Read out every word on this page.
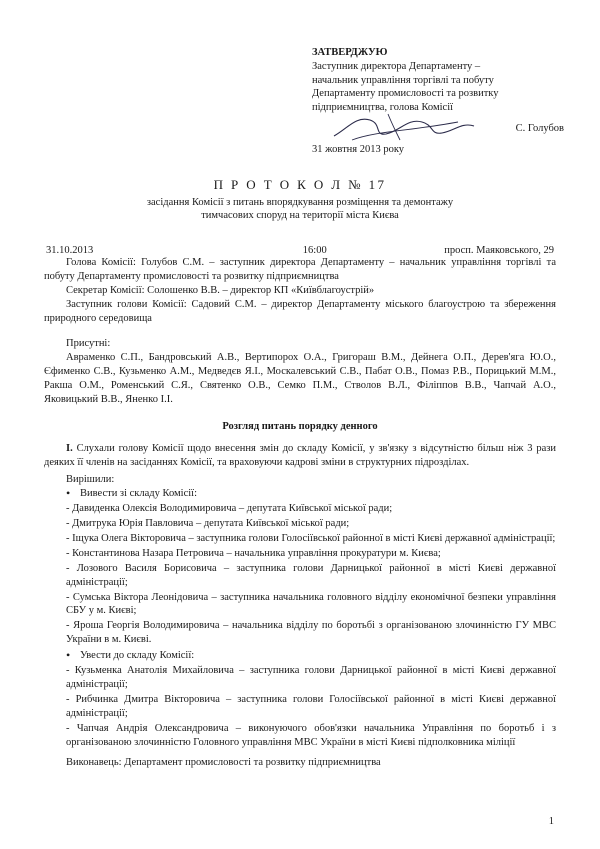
ЗАТВЕРДЖУЮ
Заступник директора Департаменту –
начальник управління торгівлі та побуту
Департаменту промисловості та розвитку
підприємництва, голова Комісії
С. Голубов
31 жовтня 2013 року
П Р О Т О К О Л № 17
засідання Комісії з питань впорядкування розміщення та демонтажу
тимчасових споруд на території міста Києва
31.10.2013	16:00	просп. Маяковського, 29

Голова Комісії: Голубов С.М. – заступник директора Департаменту – начальник управління торгівлі та побуту Департаменту промисловості та розвитку підприємництва

Секретар Комісії: Солошенко В.В. – директор КП «Київблагоустрій»

Заступник голови Комісії: Садовий С.М. – директор Департаменту міського благоустрою та збереження природного середовища

Присутні:
Авраменко С.П., Бандровський А.В., Вертипорох О.А., Григораш В.М., Дейнега О.П., Дерев'яга Ю.О., Єфименко С.В., Кузьменко А.М., Медведєв Я.І., Москалевський С.В., Пабат О.В., Помаз Р.В., Порицький М.М., Ракша О.М., Роменський С.Я., Святенко О.В., Семко П.М., Стволов В.Л., Філіппов В.В., Чапчай А.О., Яковицький В.В., Яненко І.І.
Розгляд питань порядку денного

I. Слухали голову Комісії щодо внесення змін до складу Комісії, у зв'язку з відсутністю більш ніж 3 рази деяких її членів на засіданнях Комісії, та враховуючи кадрові зміни в структурних підрозділах.

Вирішили:
• Вивести зі складу Комісії:
- Давиденка Олексія Володимировича – депутата Київської міської ради;
- Дмитрука Юрія Павловича – депутата Київської міської ради;
- Іщука Олега Вікторовича – заступника голови Голосіївської районної в місті Києві державної адміністрації;
- Константинова Назара Петровича – начальника управління прокуратури м. Києва;
- Лозового Василя Борисовича – заступника голови Дарницької районної в місті Києві державної адміністрації;
- Сумська Віктора Леонідовича – заступника начальника головного відділу економічної безпеки управління СБУ у м. Києві;
- Яроша Георгія Володимировича – начальника відділу по боротьбі з організованою злочинністю ГУ МВС України в м. Києві.
• Увести до складу Комісії:
- Кузьменка Анатолія Михайловича – заступника голови Дарницької районної в місті Києві державної адміністрації;
- Рибчинка Дмитра Вікторовича – заступника голови Голосіївської районної в місті Києві державної адміністрації;
- Чапчая Андрія Олександровича – виконуючого обов'язки начальника Управління по боротьб і з організованою злочинністю Головного управління МВС України в місті Києві підполковника міліції
Виконавець: Департамент промисловості та розвитку підприємництва
1
